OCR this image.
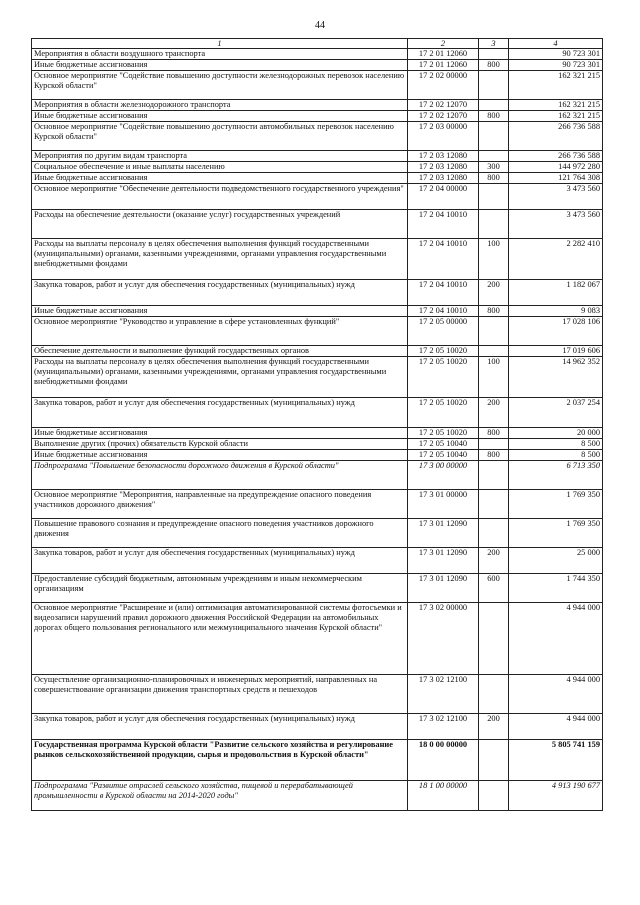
44
1	2	3	4
Мероприятия в области воздушного транспорта	17 2 01 12060		90 723 301
Иные бюджетные ассигнования	17 2 01 12060	800	90 723 301
Основное мероприятие "Содействие повышению доступности железнодорожных перевозок населению Курской области"	17 2 02 00000		162 321 215
Мероприятия в области железнодорожного транспорта	17 2 02 12070		162 321 215
Иные бюджетные ассигнования	17 2 02 12070	800	162 321 215
Основное мероприятие "Содействие повышению доступности автомобильных перевозок населению Курской области"	17 2 03 00000		266 736 588
Мероприятия по другим видам транспорта	17 2 03 12080		266 736 588
Социальное обеспечение и иные выплаты населению	17 2 03 12080	300	144 972 280
Иные бюджетные ассигнования	17 2 03 12080	800	121 764 308
Основное мероприятие "Обеспечение деятельности подведомственного государственного учреждения"	17 2 04 00000		3 473 560
Расходы на обеспечение деятельности (оказание услуг) государственных учреждений	17 2 04 10010		3 473 560
Расходы на выплаты персоналу в целях обеспечения выполнения функций государственными (муниципальными) органами, казенными учреждениями, органами управления государственными внебюджетными фондами	17 2 04 10010	100	2 282 410
Закупка товаров, работ и услуг для обеспечения государственных (муниципальных) нужд	17 2 04 10010	200	1 182 067
Иные бюджетные ассигнования	17 2 04 10010	800	9 083
Основное мероприятие "Руководство и управление в сфере установленных функций"	17 2 05 00000		17 028 106
Обеспечение деятельности и выполнение функций государственных органов	17 2 05 10020		17 019 606
Расходы на выплаты персоналу в целях обеспечения выполнения функций государственными (муниципальными) органами, казенными учреждениями, органами управления государственными внебюджетными фондами	17 2 05 10020	100	14 962 352
Закупка товаров, работ и услуг для обеспечения государственных (муниципальных) нужд	17 2 05 10020	200	2 037 254
Иные бюджетные ассигнования	17 2 05 10020	800	20 000
Выполнение других (прочих) обязательств Курской области	17 2 05 10040		8 500
Иные бюджетные ассигнования	17 2 05 10040	800	8 500
Подпрограмма "Повышение безопасности дорожного движения в Курской области"	17 3 00 00000		6 713 350
Основное мероприятие "Мероприятия, направленные на предупреждение опасного поведения участников дорожного движения"	17 3 01 00000		1 769 350
Повышение правового сознания и предупреждение опасного поведения участников дорожного движения	17 3 01 12090		1 769 350
Закупка товаров, работ и услуг для обеспечения государственных (муниципальных) нужд	17 3 01 12090	200	25 000
Предоставление субсидий бюджетным, автономным учреждениям и иным некоммерческим организациям	17 3 01 12090	600	1 744 350
Основное мероприятие "Расширение и (или) оптимизация автоматизированной системы фотосъемки и видеозаписи нарушений правил дорожного движения Российской Федерации на автомобильных дорогах общего пользования регионального или межмуниципального значения Курской области"	17 3 02 00000		4 944 000
Осуществление организационно-планировочных и инженерных мероприятий, направленных на совершенствование организации движения транспортных средств и пешеходов	17 3 02 12100		4 944 000
Закупка товаров, работ и услуг для обеспечения государственных (муниципальных) нужд	17 3 02 12100	200	4 944 000
Государственная программа Курской области "Развитие сельского хозяйства и регулирование рынков сельскохозяйственной продукции, сырья и продовольствия в Курской области"	18 0 00 00000		5 805 741 159
Подпрограмма "Развитие отраслей сельского хозяйства, пищевой и перерабатывающей промышленности в Курской области на 2014-2020 годы"	18 1 00 00000		4 913 190 677
